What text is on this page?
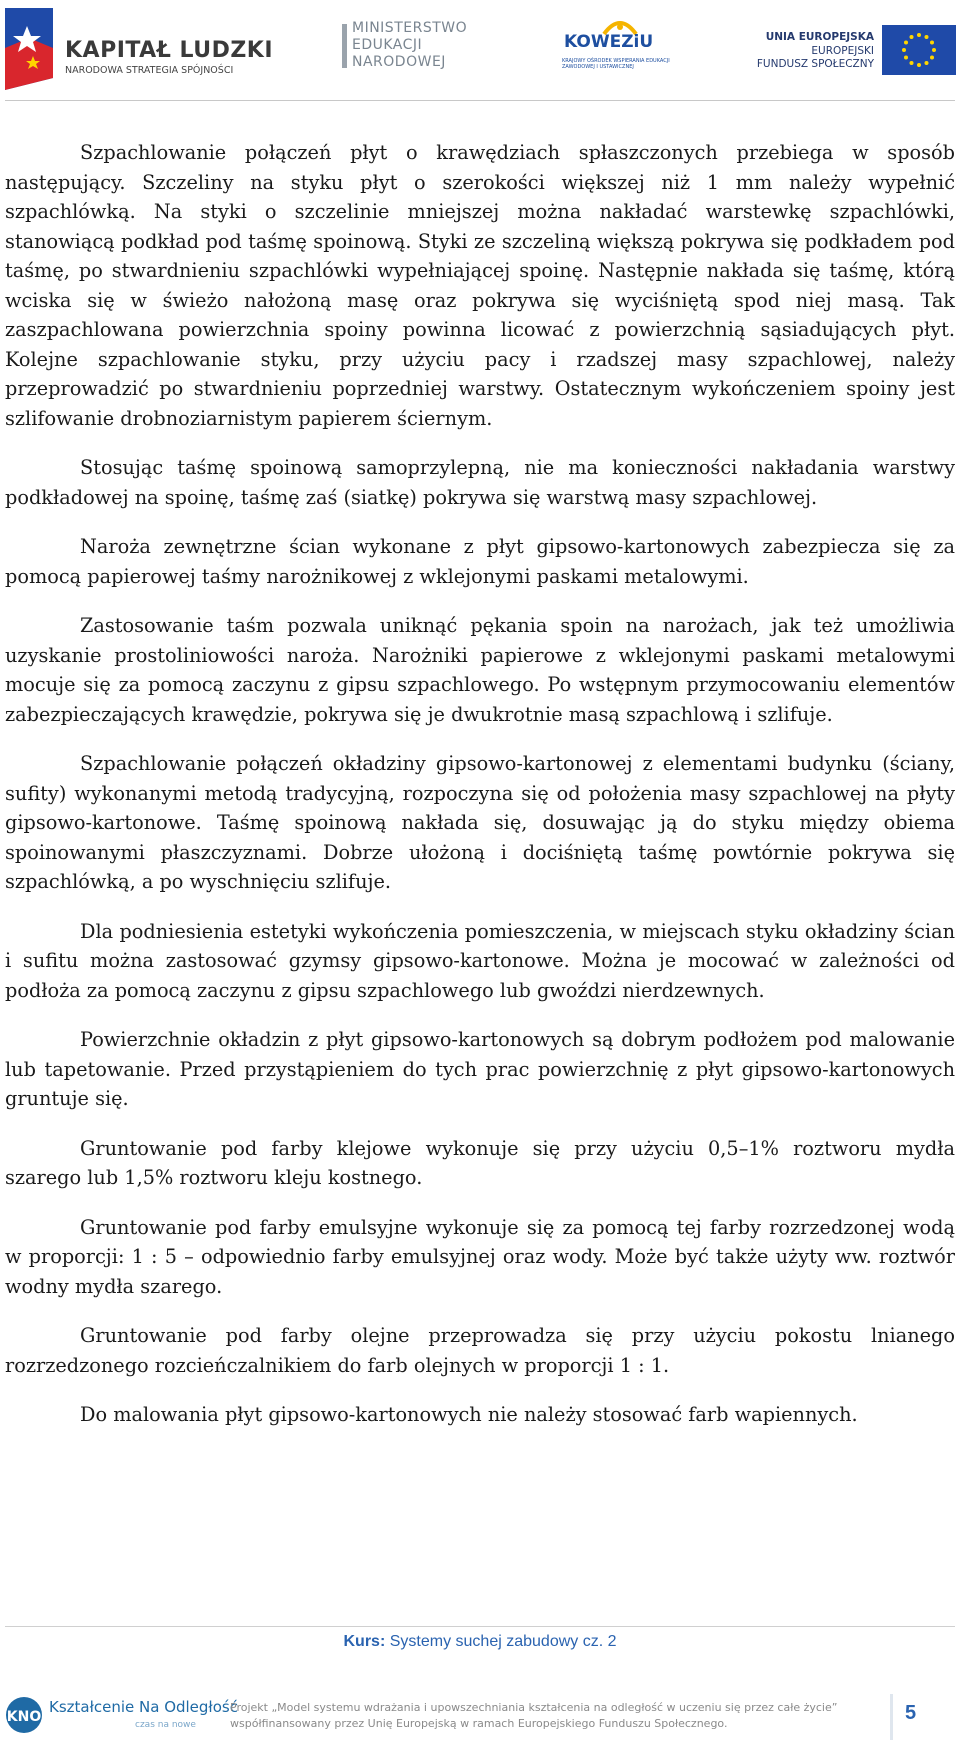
KAPITAŁ LUDZKI
NARODOWA STRATEGIA SPÓJNOŚCI
MINISTERSTWO
EDUKACJI
NARODOWEJ
KOWEZiU
KRAJOWY OŚRODEK WSPIERANIA EDUKACJI ZAWODOWEJ I USTAWICZNEJ
UNIA EUROPEJSKA
EUROPEJSKI
FUNDUSZ SPOŁECZNY

Szpachlowanie połączeń płyt o krawędziach spłaszczonych przebiega w sposób następujący. Szczeliny na styku płyt o szerokości większej niż 1 mm należy wypełnić szpachlówką. Na styki o szczelinie mniejszej można nakładać warstewkę szpachlówki, stanowiącą podkład pod taśmę spoinową. Styki ze szczeliną większą pokrywa się podkładem pod taśmę, po stwardnieniu szpachlówki wypełniającej spoinę. Następnie nakłada się taśmę, którą wciska się w świeżo nałożoną masę oraz pokrywa się wyciśniętą spod niej masą. Tak zaszpachlowana powierzchnia spoiny powinna licować z powierzchnią sąsiadujących płyt. Kolejne szpachlowanie styku, przy użyciu pacy i rzadszej masy szpachlowej, należy przeprowadzić po stwardnieniu poprzedniej warstwy. Ostatecznym wykończeniem spoiny jest szlifowanie drobnoziarnistym papierem ściernym.

Stosując taśmę spoinową samoprzylepną, nie ma konieczności nakładania warstwy podkładowej na spoinę, taśmę zaś (siatkę) pokrywa się warstwą masy szpachlowej.

Naroża zewnętrzne ścian wykonane z płyt gipsowo-kartonowych zabezpiecza się za pomocą papierowej taśmy narożnikowej z wklejonymi paskami metalowymi.

Zastosowanie taśm pozwala uniknąć pękania spoin na narożach, jak też umożliwia uzyskanie prostoliniowości naroża. Narożniki papierowe z wklejonymi paskami metalowymi mocuje się za pomocą zaczynu z gipsu szpachlowego. Po wstępnym przymocowaniu elementów zabezpieczających krawędzie, pokrywa się je dwukrotnie masą szpachlową i szlifuje.

Szpachlowanie połączeń okładziny gipsowo-kartonowej z elementami budynku (ściany, sufity) wykonanymi metodą tradycyjną, rozpoczyna się od położenia masy szpachlowej na płyty gipsowo-kartonowe. Taśmę spoinową nakłada się, dosuwając ją do styku między obiema spoinowanymi płaszczyznami. Dobrze ułożoną i dociśniętą taśmę powtórnie pokrywa się szpachlówką, a po wyschnięciu szlifuje.

Dla podniesienia estetyki wykończenia pomieszczenia, w miejscach styku okładziny ścian i sufitu można zastosować gzymsy gipsowo-kartonowe. Można je mocować w zależności od podłoża za pomocą zaczynu z gipsu szpachlowego lub gwoździ nierdzewnych.

Powierzchnie okładzin z płyt gipsowo-kartonowych są dobrym podłożem pod malowanie lub tapetowanie. Przed przystąpieniem do tych prac powierzchnię z płyt gipsowo-kartonowych gruntuje się.

Gruntowanie pod farby klejowe wykonuje się przy użyciu 0,5–1% roztworu mydła szarego lub 1,5% roztworu kleju kostnego.

Gruntowanie pod farby emulsyjne wykonuje się za pomocą tej farby rozrzedzonej wodą w proporcji: 1 : 5 – odpowiednio farby emulsyjnej oraz wody. Może być także użyty ww. roztwór wodny mydła szarego.

Gruntowanie pod farby olejne przeprowadza się przy użyciu pokostu lnianego rozrzedzonego rozcieńczalnikiem do farb olejnych w proporcji 1 : 1.

Do malowania płyt gipsowo-kartonowych nie należy stosować farb wapiennych.

Kurs: Systemy suchej zabudowy cz. 2
KNO
Kształcenie Na Odległość
czas na nowe
Projekt „Model systemu wdrażania i upowszechniania kształcenia na odległość w uczeniu się przez całe życie”
współfinansowany przez Unię Europejską w ramach Europejskiego Funduszu Społecznego.	5
